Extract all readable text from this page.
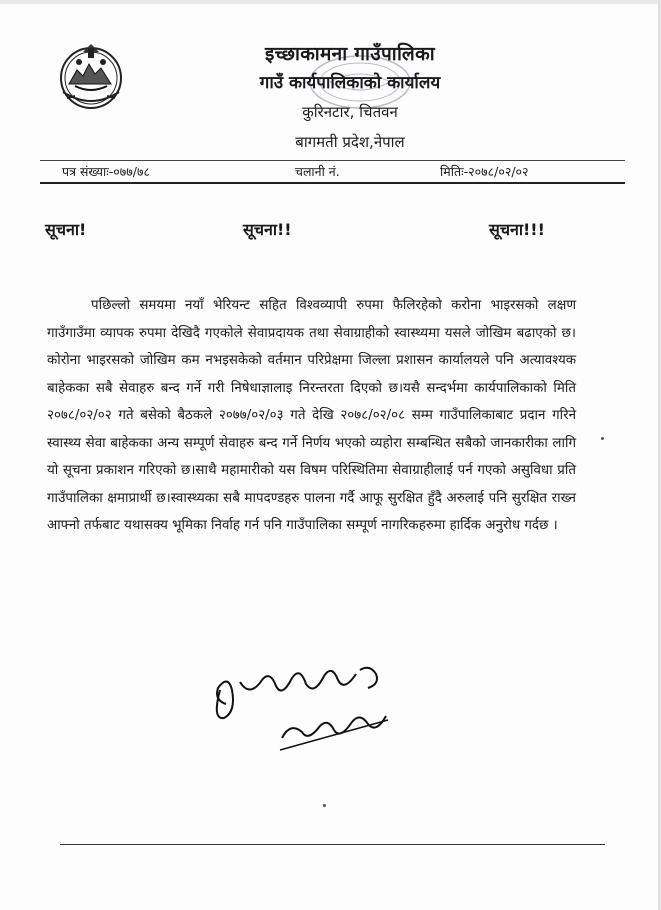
इच्छाकामना गाउँपालिका
गाउँ कार्यपालिकाको कार्यालय
कुरिनटार, चितवन
बागमती प्रदेश,नेपाल
पत्र संख्याः-०७७/७८	चलानी नं.	मितिः-२०७८/०२/०२
सूचना!	सूचना!!	सूचना!!!
पछिल्लो समयमा नयाँ भेरियन्ट सहित विश्वव्यापी रुपमा फैलिरहेको करोना भाइरसको लक्षण गाउँगाउँमा व्यापक रुपमा देखिदै गएकोले सेवाप्रदायक तथा सेवाग्राहीको स्वास्थ्यमा यसले जोखिम बढाएको छ।कोरोना भाइरसको जोखिम कम नभइसकेको वर्तमान परिप्रेक्षमा जिल्ला प्रशासन कार्यालयले पनि अत्यावश्यक बाहेकका सबै सेवाहरु बन्द गर्ने गरी निषेधाज्ञालाइ निरन्तरता दिएको छ।यसै सन्दर्भमा कार्यपालिकाको मिति २०७८/०२/०२ गते बसेको बैठकले २०७७/०२/०३ गते देखि २०७८/०२/०८ सम्म गाउँपालिकाबाट प्रदान गरिने स्वास्थ्य सेवा बाहेकका अन्य सम्पूर्ण सेवाहरु बन्द गर्ने निर्णय भएको व्यहोरा सम्बन्धित सबैको जानकारीका लागि यो सूचना प्रकाशन गरिएको छ।साथै महामारीको यस विषम परिस्थितिमा सेवाग्राहीलाई पर्न गएको असुविधा प्रति गाउँपालिका क्षमाप्रार्थी छ।स्वास्थ्यका सबै मापदण्डहरु पालना गर्दै आफू सुरक्षित हुँदै अरुलाई पनि सुरक्षित राख्न आफ्नो तर्फबाट यथासक्य भूमिका निर्वाह गर्न पनि गाउँपालिका सम्पूर्ण नागरिकहरुमा हार्दिक अनुरोध गर्दछ ।
